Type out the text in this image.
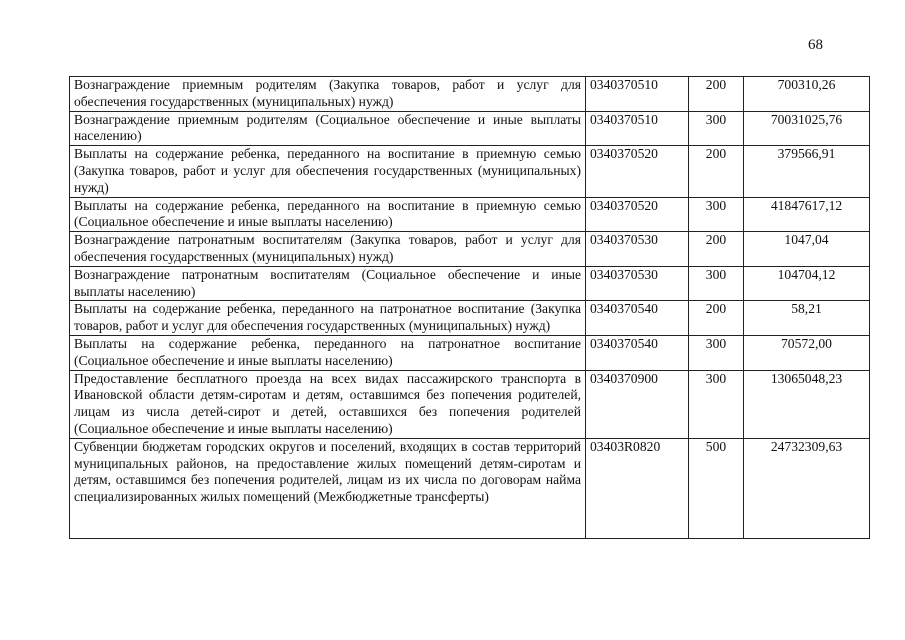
68
Вознаграждение приемным родителям (Закупка товаров, работ и услуг для обеспечения государственных (муниципальных) нужд)	0340370510	200	700310,26
Вознаграждение приемным родителям (Социальное обеспечение и иные выплаты населению)	0340370510	300	70031025,76
Выплаты на содержание ребенка, переданного на воспитание в приемную семью (Закупка товаров, работ и услуг для обеспечения государственных (муниципальных) нужд)	0340370520	200	379566,91
Выплаты на содержание ребенка, переданного на воспитание в приемную семью (Социальное обеспечение и иные выплаты населению)	0340370520	300	41847617,12
Вознаграждение патронатным воспитателям (Закупка товаров, работ и услуг для обеспечения государственных (муниципальных) нужд)	0340370530	200	1047,04
Вознаграждение патронатным воспитателям (Социальное обеспечение и иные выплаты населению)	0340370530	300	104704,12
Выплаты на содержание ребенка, переданного на патронатное воспитание (Закупка товаров, работ и услуг для обеспечения государственных (муниципальных) нужд)	0340370540	200	58,21
Выплаты на содержание ребенка, переданного на патронатное воспитание (Социальное обеспечение и иные выплаты населению)	0340370540	300	70572,00
Предоставление бесплатного проезда на всех видах пассажирского транспорта в Ивановской области детям-сиротам и детям, оставшимся без попечения родителей, лицам из числа детей-сирот и детей, оставшихся без попечения родителей (Социальное обеспечение и иные выплаты населению)	0340370900	300	13065048,23
Субвенции бюджетам городских округов и поселений, входящих в состав территорий муниципальных районов, на предоставление жилых помещений детям-сиротам и детям, оставшимся без попечения родителей, лицам из их числа по договорам найма специализированных жилых помещений (Межбюджетные трансферты)	03403R0820	500	24732309,63
